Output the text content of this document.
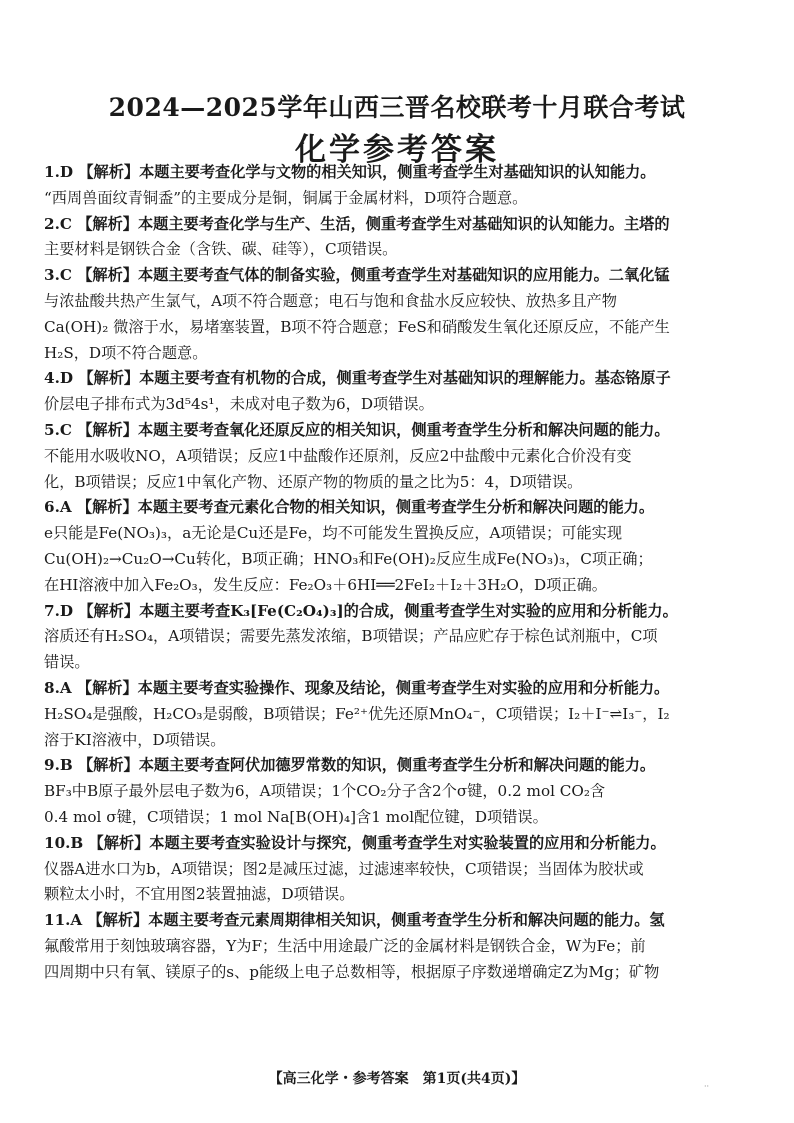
2024—2025学年山西三晋名校联考十月联合考试
化学参考答案

1.D 【解析】本题主要考查化学与文物的相关知识，侧重考查学生对基础知识的认知能力。

“西周兽面纹青铜盉”的主要成分是铜，铜属于金属材料，D项符合题意。

2.C 【解析】本题主要考查化学与生产、生活，侧重考查学生对基础知识的认知能力。主塔的

主要材料是钢铁合金（含铁、碳、硅等），C项错误。

3.C 【解析】本题主要考查气体的制备实验，侧重考查学生对基础知识的应用能力。二氧化锰

与浓盐酸共热产生氯气，A项不符合题意；电石与饱和食盐水反应较快、放热多且产物

Ca(OH)₂ 微溶于水，易堵塞装置，B项不符合题意；FeS和硝酸发生氧化还原反应，不能产生

H₂S，D项不符合题意。

4.D 【解析】本题主要考查有机物的合成，侧重考查学生对基础知识的理解能力。基态铬原子

价层电子排布式为3d⁵4s¹，未成对电子数为6，D项错误。

5.C 【解析】本题主要考查氧化还原反应的相关知识，侧重考查学生分析和解决问题的能力。

不能用水吸收NO，A项错误；反应1中盐酸作还原剂，反应2中盐酸中元素化合价没有变

化，B项错误；反应1中氧化产物、还原产物的物质的量之比为5：4，D项错误。

6.A 【解析】本题主要考查元素化合物的相关知识，侧重考查学生分析和解决问题的能力。

e只能是Fe(NO₃)₃，a无论是Cu还是Fe，均不可能发生置换反应，A项错误；可能实现

Cu(OH)₂→Cu₂O→Cu转化，B项正确；HNO₃和Fe(OH)₂反应生成Fe(NO₃)₃，C项正确；

在HI溶液中加入Fe₂O₃，发生反应：Fe₂O₃＋6HI══2FeI₂＋I₂＋3H₂O，D项正确。

7.D 【解析】本题主要考查K₃[Fe(C₂O₄)₃]的合成，侧重考查学生对实验的应用和分析能力。

溶质还有H₂SO₄，A项错误；需要先蒸发浓缩，B项错误；产品应贮存于棕色试剂瓶中，C项

错误。

8.A 【解析】本题主要考查实验操作、现象及结论，侧重考查学生对实验的应用和分析能力。

H₂SO₄是强酸，H₂CO₃是弱酸，B项错误；Fe²⁺优先还原MnO₄⁻，C项错误；I₂＋I⁻⇌I₃⁻，I₂

溶于KI溶液中，D项错误。

9.B 【解析】本题主要考查阿伏加德罗常数的知识，侧重考查学生分析和解决问题的能力。

BF₃中B原子最外层电子数为6，A项错误；1个CO₂分子含2个σ键，0.2 mol CO₂含

0.4 mol σ键，C项错误；1 mol Na[B(OH)₄]含1 mol配位键，D项错误。

10.B 【解析】本题主要考查实验设计与探究，侧重考查学生对实验装置的应用和分析能力。

仪器A进水口为b，A项错误；图2是减压过滤，过滤速率较快，C项错误；当固体为胶状或

颗粒太小时，不宜用图2装置抽滤，D项错误。

11.A 【解析】本题主要考查元素周期律相关知识，侧重考查学生分析和解决问题的能力。氢

氟酸常用于刻蚀玻璃容器，Y为F；生活中用途最广泛的金属材料是钢铁合金，W为Fe；前

四周期中只有氧、镁原子的s、p能级上电子总数相等，根据原子序数递增确定Z为Mg；矿物

【高三化学・参考答案　第1页(共4页)】	··
